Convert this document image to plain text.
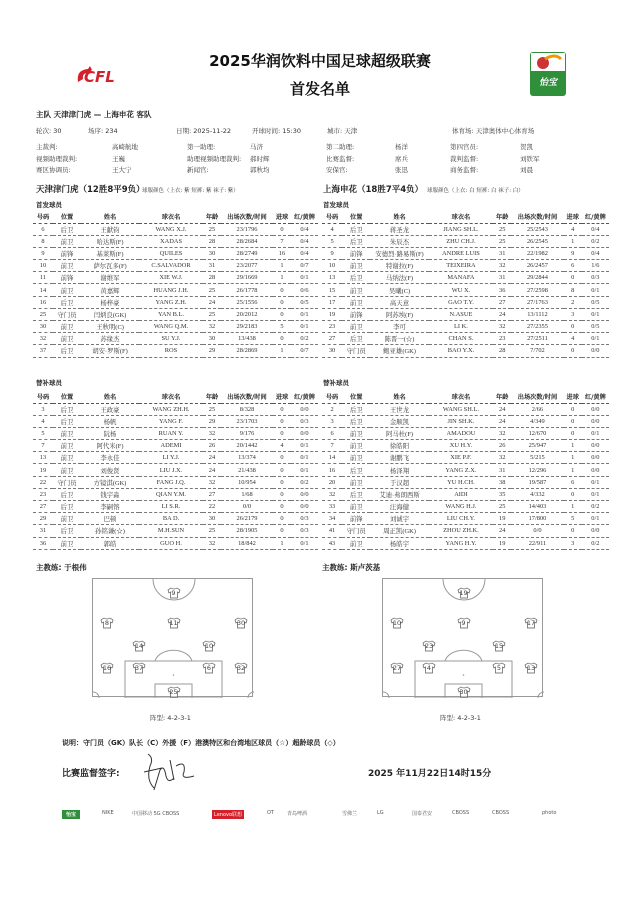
CFL
2025华润饮料中国足球超级联赛
首发名单	怡宝
主队 天津津门虎 — 上海申花 客队
天津津门虎（12胜8平9负）
球服颜色（上衣: 紫 短裤: 紫 袜子: 紫）	上海申花（18胜7平4负） 球服颜色（上衣: 白 短裤: 白 袜子: 白）
首发球员	首发球员
替补球员	替补球员
号码	位置	姓名	球衣名	年龄	出场次数/时间	进球	红/黄牌
6	后卫	王献钧	WANG X.J.	25	23/1796	0	0/4
8	前卫	哈达斯(F)	XADAS	28	28/2684	7	0/4
9	前锋	基莱斯(F)	QUILES	30	28/2749	16	0/4
10	前卫	萨尔瓦多(F)	C.SALVADOR	31	23/2077	1	0/7
11	前锋	谢维军	XIE W.J.	28	29/1669	1	0/1
14	前卫	黄嘉辉	HUANG J.H.	25	26/1778	0	0/6
16	后卫	杨梓豪	YANG Z.H.	24	25/1556	0	0/5
25	守门员	闫炳良(GK)	YAN B.L.	25	20/2012	0	0/1
30	前卫	王秋明(C)	WANG Q.M.	32	29/2183	5	0/1
32	前卫	苏缘杰	SU Y.J.	30	13/438	0	0/2
37	后卫	胡安·罗斯(F)	ROS	29	28/2869	1	0/7
号码	位置	姓名	球衣名	年龄	出场次数/时间	进球	红/黄牌
4	后卫	蒋圣龙	JIANG SH.L.	25	25/2543	4	0/4
5	后卫	朱辰杰	ZHU CH.J.	25	26/2545	1	0/2
9	前锋	安德烈·路易斯(F)	ANDRE LUIS	31	22/1982	9	0/4
10	前卫	特谢拉(F)	TEIXEIRA	32	26/2457	6	1/6
13	后卫	马纳法(F)	MANAFA	31	29/2844	0	0/3
15	前卫	吴曦(C)	WU X.	36	27/2598	8	0/1
17	前卫	高天意	GAO T.Y.	27	27/1763	2	0/5
19	前锋	阿苏埃(F)	N.ASUE	24	13/1112	3	0/1
23	前卫	李可	LI K.	32	27/2355	0	0/5
27	后卫	陈晋一(☆)	CHAN S.	23	27/2511	4	0/1
30	守门员	鲍亚雄(GK)	BAO Y.X.	28	7/702	0	0/0
号码	位置	姓名	球衣名	年龄	出场次数/时间	进球	红/黄牌
3	后卫	王政豪	WANG ZH.H.	25	8/328	0	0/0
4	后卫	杨帆	YANG F.	29	23/1703	0	0/3
5	前卫	阮杨	RUAN Y.	32	9/176	0	0/0
7	前卫	阿代米(F)	ADEMI	26	20/1442	4	0/1
13	前卫	李永佳	LI Y.J.	24	13/374	0	0/1
19	前卫	刘俊贤	LIU J.X.	24	21/438	0	0/1
22	守门员	方镜淇(GK)	FANG J.Q.	32	10/954	0	0/2
23	后卫	钱宇淼	QIAN Y.M.	27	1/68	0	0/0
27	后卫	李嗣镕	LI S.R.	22	0/0	0	0/0
29	前卫	巴顿	BA D.	30	26/2179	0	0/3
31	后卫	孙铭谦(☆)	M.H.SUN	25	28/1905	0	0/3
36	前卫	郭皓	GUO H.	32	18/842	1	0/1
号码	位置	姓名	球衣名	年龄	出场次数/时间	进球	红/黄牌
2	后卫	王世龙	WANG SH.L.	24	2/66	0	0/0
3	后卫	金顺凯	JIN SH.K.	24	4/349	0	0/0
6	前卫	阿马杜(F)	AMADOU	32	12/670	0	0/1
7	前卫	徐皓阳	XU H.Y.	26	25/947	1	0/0
14	前卫	谢鹏飞	XIE P.F.	32	5/215	1	0/0
16	后卫	杨泽翔	YANG Z.X.	31	12/296	1	0/0
20	前卫	于汉超	YU H.CH.	38	19/587	6	0/1
32	后卫	艾迪·弗朗西斯	AIDI	35	4/332	0	0/1
33	前卫	汪海健	WANG H.J.	25	14/403	1	0/2
34	前锋	刘诚宇	LIU CH.Y.	19	17/800	5	0/1
41	守门员	周正凯(GK)	ZHOU ZH.K.	24	0/0	0	0/0
43	前卫	杨皓宇	YANG H.Y.	19	22/911	3	0/2
主教练: 于根伟	主教练: 斯卢茨基
9
8	11	30
14	10
16	37	6	32
25
19
10	9	17
23	15
27	4	5	13
30
阵型: 4-2-3-1	阵型: 4-2-3-1
说明：守门员（GK）队长（C）外援（F）港澳特区和台湾地区球员（☆）超龄球员（◇）
比赛监督签字:	2025 年11月22日14时15分
怡宝	NIKE	中国移动 5G CBOSS	Lenovo联想	OT	青岛啤酒	雪佛兰	LG	国泰君安	CBOSS	CBOSS	photo
轮次: 30	场序: 234	日期: 2025-11-22	开球时间: 15:30	城市: 天津	体育场: 天津奥体中心体育场
主裁判:	高崎航地	第一助理:	马济	第二助理:	杨洋	第四官员:	贺凯
视频助理裁判:	王巍	助理视频助理裁判: 郝时辉	比赛监督:	席兵	裁判监督:	刘铁军
赛区协调员:	王大宁	新闻官:	郭秋均	安保官:	张迅	商务监督:	刘晨
